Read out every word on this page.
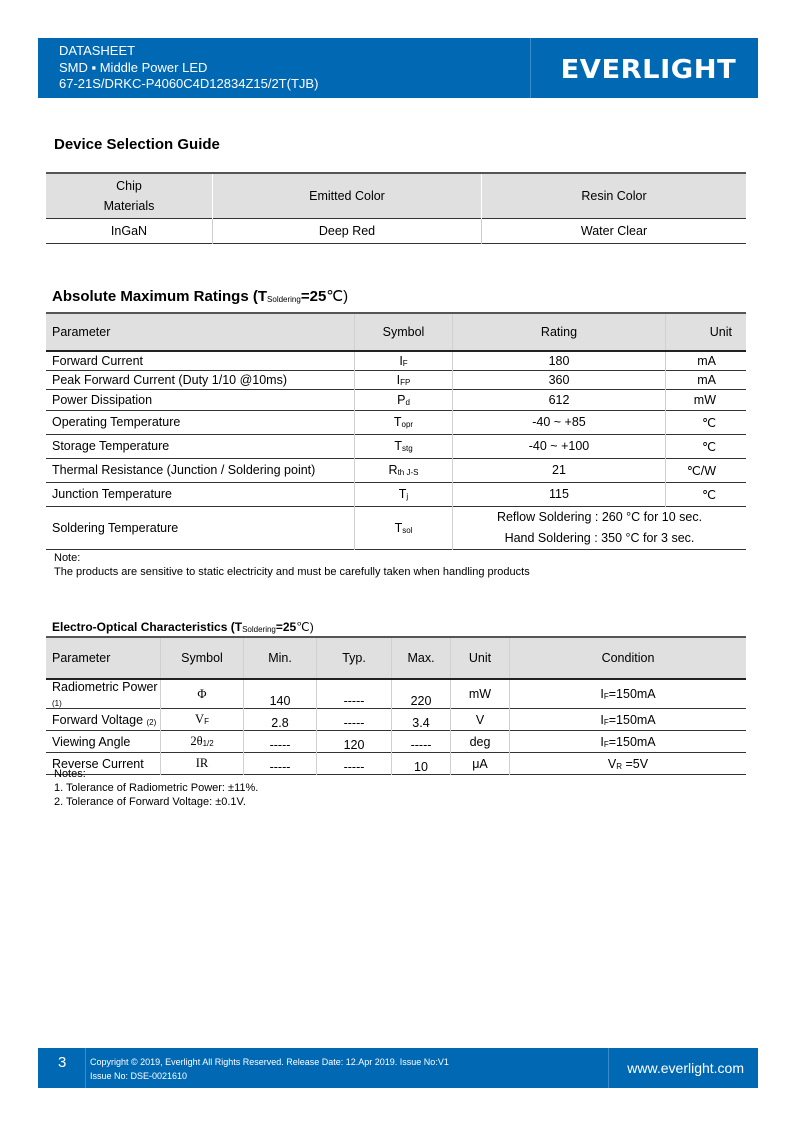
DATASHEET
SMD ▪ Middle Power LED
67-21S/DRKC-P4060C4D12834Z15/2T(TJB)	EVERLIGHT
Device Selection Guide
Chip
Materials	Emitted Color	Resin Color
InGaN	Deep Red	Water Clear
Absolute Maximum Ratings $(T_{Soldering}=25℃)$
Parameter	Symbol	Rating	Unit
Forward Current	$I_F$	180	mA
Peak Forward Current (Duty 1/10 @10ms)	$I_{FP}$	360	mA
Power Dissipation	$P_d$	612	mW
Operating Temperature	$T_{opr}$	-40 ~ +85	℃
Storage Temperature	$T_{stg}$	-40 ~ +100	℃
Thermal Resistance (Junction / Soldering point)	$R_{th J-S}$	21	℃/W
Junction Temperature	$T_j$	115	℃
Soldering Temperature	$T_{sol}$	Reflow Soldering : 260 °C for 10 sec.
Hand Soldering : 350 °C for 3 sec.	
Note:
The products are sensitive to static electricity and must be carefully taken when handling products
Electro-Optical Characteristics $(T_{Soldering}=25℃)$
Parameter	Symbol	Min.	Typ.	Max.	Unit	Condition
Radiometric Power $_{(1)}$	Φ	140	-----	220	mW	$I_F=150mA$
Forward Voltage $_{(2)}$	$V_F$	2.8	-----	3.4	V	$I_F=150mA$
Viewing Angle	$2\theta_{1/2}$	-----	120	-----	deg	$I_F=150mA$
Reverse Current	IR	-----	-----	10	μA	$V_R =5V$
Notes:
1. Tolerance of Radiometric Power: ±11%.
2. Tolerance of Forward Voltage: ±0.1V.
3	Copyright © 2019, Everlight All Rights Reserved. Release Date: 12.Apr 2019. Issue No:V1
Issue No: DSE-0021610	www.everlight.com
